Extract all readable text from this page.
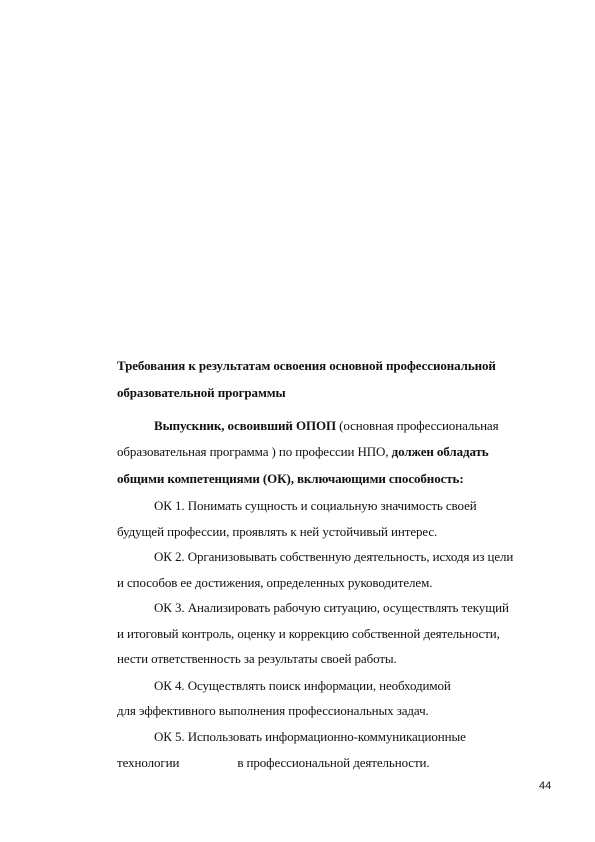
Требования к результатам освоения основной профессиональной
образовательной программы
Выпускник, освоивший ОПОП (основная профессиональная
образовательная программа ) по профессии НПО, должен обладать
общими компетенциями (ОК), включающими способность:
ОК 1. Понимать сущность и социальную значимость своей
будущей профессии, проявлять к ней устойчивый интерес.
ОК 2. Организовывать собственную деятельность, исходя из цели
и способов ее достижения, определенных руководителем.
ОК 3. Анализировать рабочую ситуацию, осуществлять текущий
и итоговый контроль, оценку и коррекцию собственной деятельности,
нести ответственность за результаты своей работы.
ОК 4. Осуществлять поиск информации, необходимой
для эффективного выполнения профессиональных задач.
ОК 5. Использовать информационно-коммуникационные
технологии	в профессиональной деятельности.
44
